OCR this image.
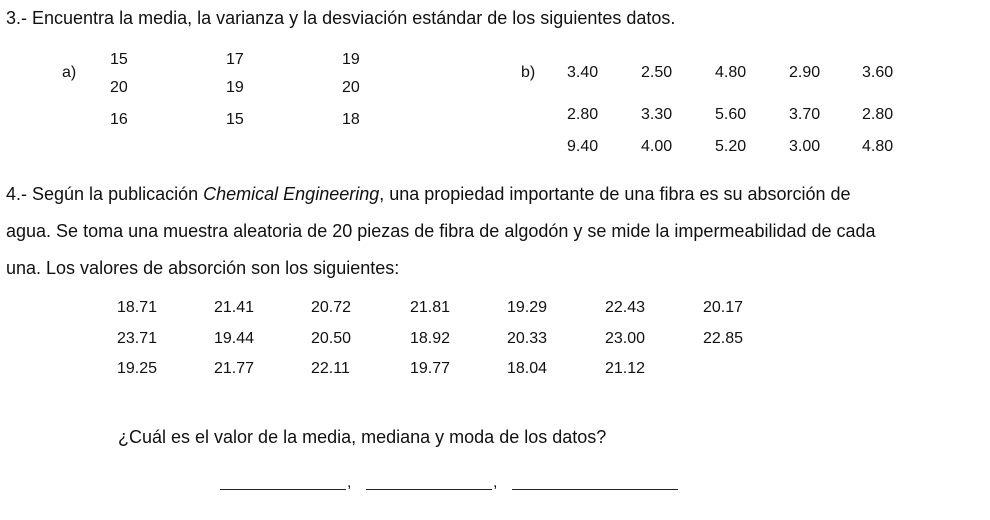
3.- Encuentra la media, la varianza y la desviación estándar de los siguientes datos.
a)	b)
15	17	19
20	19	20
16	15	18
3.40	2.50	4.80	2.90	3.60
2.80	3.30	5.60	3.70	2.80
9.40	4.00	5.20	3.00	4.80
4.- Según la publicación Chemical Engineering, una propiedad importante de una fibra es su absorción de
agua. Se toma una muestra aleatoria de 20 piezas de fibra de algodón y se mide la impermeabilidad de cada
una. Los valores de absorción son los siguientes:
18.71	21.41	20.72	21.81	19.29	22.43	20.17
23.71	19.44	20.50	18.92	20.33	23.00	22.85
19.25	21.77	22.11	19.77	18.04	21.12
¿Cuál es el valor de la media, mediana y moda de los datos?
,	,
